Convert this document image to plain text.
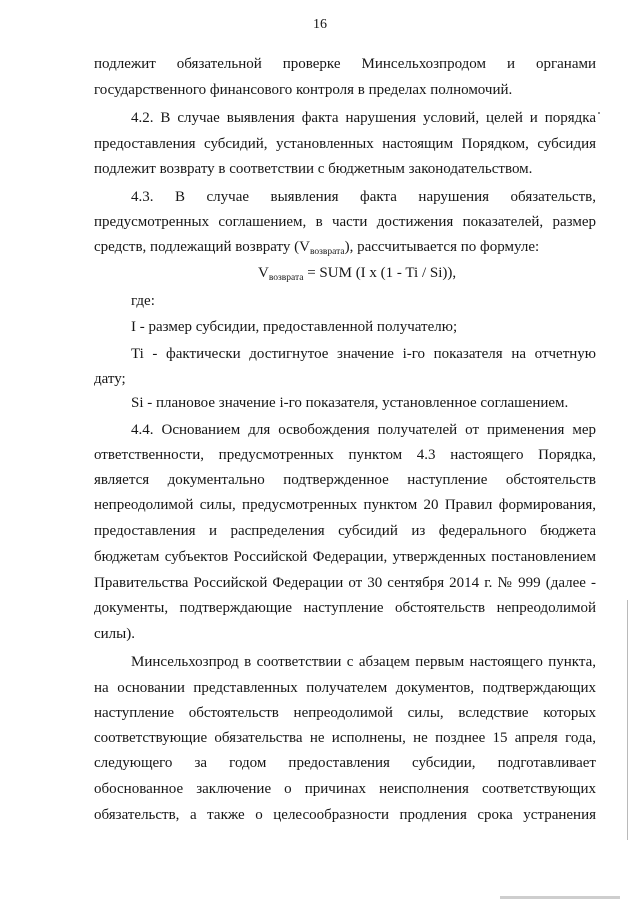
16
подлежит обязательной проверке Минсельхозпродом и органами
государственного финансового контроля в пределах полномочий.
4.2. В случае выявления факта нарушения условий, целей и порядка
предоставления субсидий, установленных настоящим Порядком, субсидия
подлежит возврату в соответствии с бюджетным законодательством.
4.3. В случае выявления факта нарушения обязательств,
предусмотренных соглашением, в части достижения показателей, размер
средств, подлежащий возврату $(V_{возврата})$, рассчитывается по формуле:
$V_{возврата}$ = SUM (I x (1 - Ti / Si)),
где:
I - размер субсидии, предоставленной получателю;
Ti - фактически достигнутое значение i-го показателя на отчетную
дату;
Si - плановое значение i-го показателя, установленное соглашением.
4.4. Основанием для освобождения получателей от применения мер
ответственности, предусмотренных пунктом 4.3 настоящего Порядка,
является документально подтвержденное наступление обстоятельств
непреодолимой силы, предусмотренных пунктом 20 Правил формирования,
предоставления и распределения субсидий из федерального бюджета
бюджетам субъектов Российской Федерации, утвержденных постановлением
Правительства Российской Федерации от 30 сентября 2014 г. № 999 (далее -
документы, подтверждающие наступление обстоятельств непреодолимой
силы).
Минсельхозпрод в соответствии с абзацем первым настоящего пункта,
на основании представленных получателем документов, подтверждающих
наступление обстоятельств непреодолимой силы, вследствие которых
соответствующие обязательства не исполнены, не позднее 15 апреля года,
следующего за годом предоставления субсидии, подготавливает
обоснованное заключение о причинах неисполнения соответствующих
обязательств, а также о целесообразности продления срока устранения
